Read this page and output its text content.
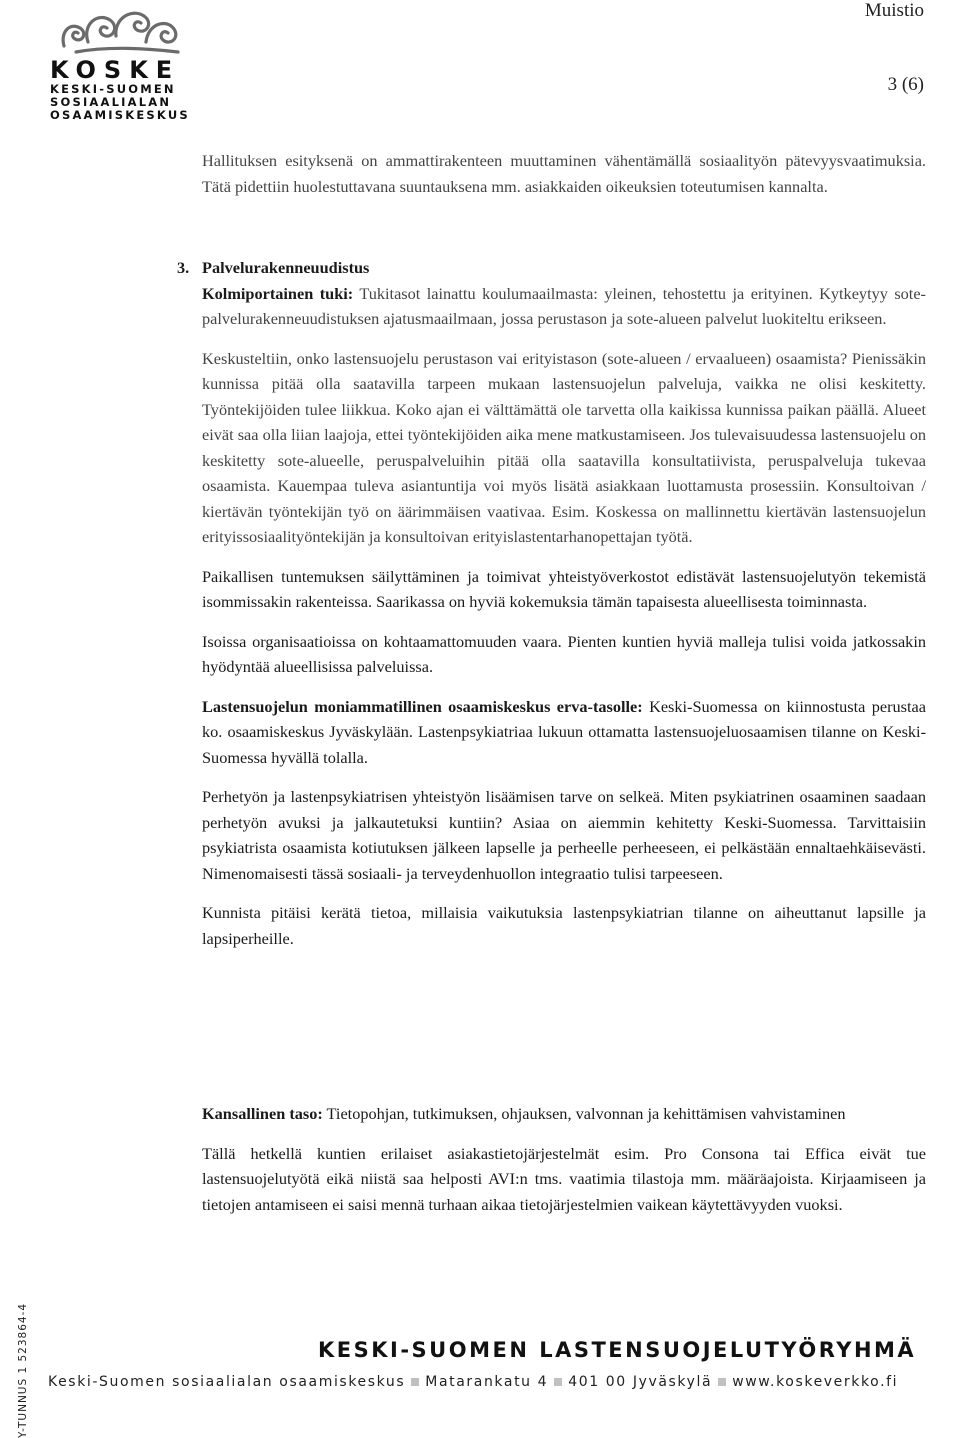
KOSKE
KESKI-SUOMEN
SOSIAALIALAN
OSAAMISKESKUS
Muistio
3 (6)

Hallituksen esityksenä on ammattirakenteen muuttaminen vähentämällä sosiaalityön pätevyysvaatimuksia. Tätä pidettiin huolestuttavana suuntauksena mm. asiakkaiden oikeuksien toteutumisen kannalta.

3. Palvelurakenneuudistus

Kolmiportainen tuki: Tukitasot lainattu koulumaailmasta: yleinen, tehostettu ja erityinen. Kytkeytyy sote-palvelurakenneuudistuksen ajatusmaailmaan, jossa perustason ja sote-alueen palvelut luokiteltu erikseen.

Keskusteltiin, onko lastensuojelu perustason vai erityistason (sote-alueen / ervaalueen) osaamista? Pienissäkin kunnissa pitää olla saatavilla tarpeen mukaan lastensuojelun palveluja, vaikka ne olisi keskitetty. Työntekijöiden tulee liikkua. Koko ajan ei välttämättä ole tarvetta olla kaikissa kunnissa paikan päällä. Alueet eivät saa olla liian laajoja, ettei työntekijöiden aika mene matkustamiseen. Jos tulevaisuudessa lastensuojelu on keskitetty sote-alueelle, peruspalveluihin pitää olla saatavilla konsultatiivista, peruspalveluja tukevaa osaamista. Kauempaa tuleva asiantuntija voi myös lisätä asiakkaan luottamusta prosessiin. Konsultoivan / kiertävän työntekijän työ on äärimmäisen vaativaa. Esim. Koskessa on mallinnettu kiertävän lastensuojelun erityissosiaalityöntekijän ja konsultoivan erityislastentarhanopettajan työtä.

Paikallisen tuntemuksen säilyttäminen ja toimivat yhteistyöverkostot edistävät lastensuojelutyön tekemistä isommissakin rakenteissa. Saarikassa on hyviä kokemuksia tämän tapaisesta alueellisesta toiminnasta.

Isoissa organisaatioissa on kohtaamattomuuden vaara. Pienten kuntien hyviä malleja tulisi voida jatkossakin hyödyntää alueellisissa palveluissa.

Lastensuojelun moniammatillinen osaamiskeskus erva-tasolle: Keski-Suomessa on kiinnostusta perustaa ko. osaamiskeskus Jyväskylään. Lastenpsykiatriaa lukuun ottamatta lastensuojeluosaamisen tilanne on Keski-Suomessa hyvällä tolalla.

Perhetyön ja lastenpsykiatrisen yhteistyön lisäämisen tarve on selkeä. Miten psykiatrinen osaaminen saadaan perhetyön avuksi ja jalkautetuksi kuntiin? Asiaa on aiemmin kehitetty Keski-Suomessa. Tarvittaisiin psykiatrista osaamista kotiutuksen jälkeen lapselle ja perheelle perheeseen, ei pelkästään ennaltaehkäisevästi. Nimenomaisesti tässä sosiaali- ja terveydenhuollon integraatio tulisi tarpeeseen.

Kunnista pitäisi kerätä tietoa, millaisia vaikutuksia lastenpsykiatrian tilanne on aiheuttanut lapsille ja lapsiperheille.

Kansallinen taso: Tietopohjan, tutkimuksen, ohjauksen, valvonnan ja kehittämisen vahvistaminen

Tällä hetkellä kuntien erilaiset asiakastietojärjestelmät esim. Pro Consona tai Effica eivät tue lastensuojelutyötä eikä niistä saa helposti AVI:n tms. vaatimia tilastoja mm. määräajoista. Kirjaamiseen ja tietojen antamiseen ei saisi mennä turhaan aikaa tietojärjestelmien vaikean käytettävyyden vuoksi.

Y-TUNNUS 1 523864-4	KESKI-SUOMEN LASTENSUOJELUTYÖRYHMÄ
Keski-Suomen sosiaalialan osaamiskeskus Matarankatu 4 401 00 Jyväskylä www.koskeverkko.fi
